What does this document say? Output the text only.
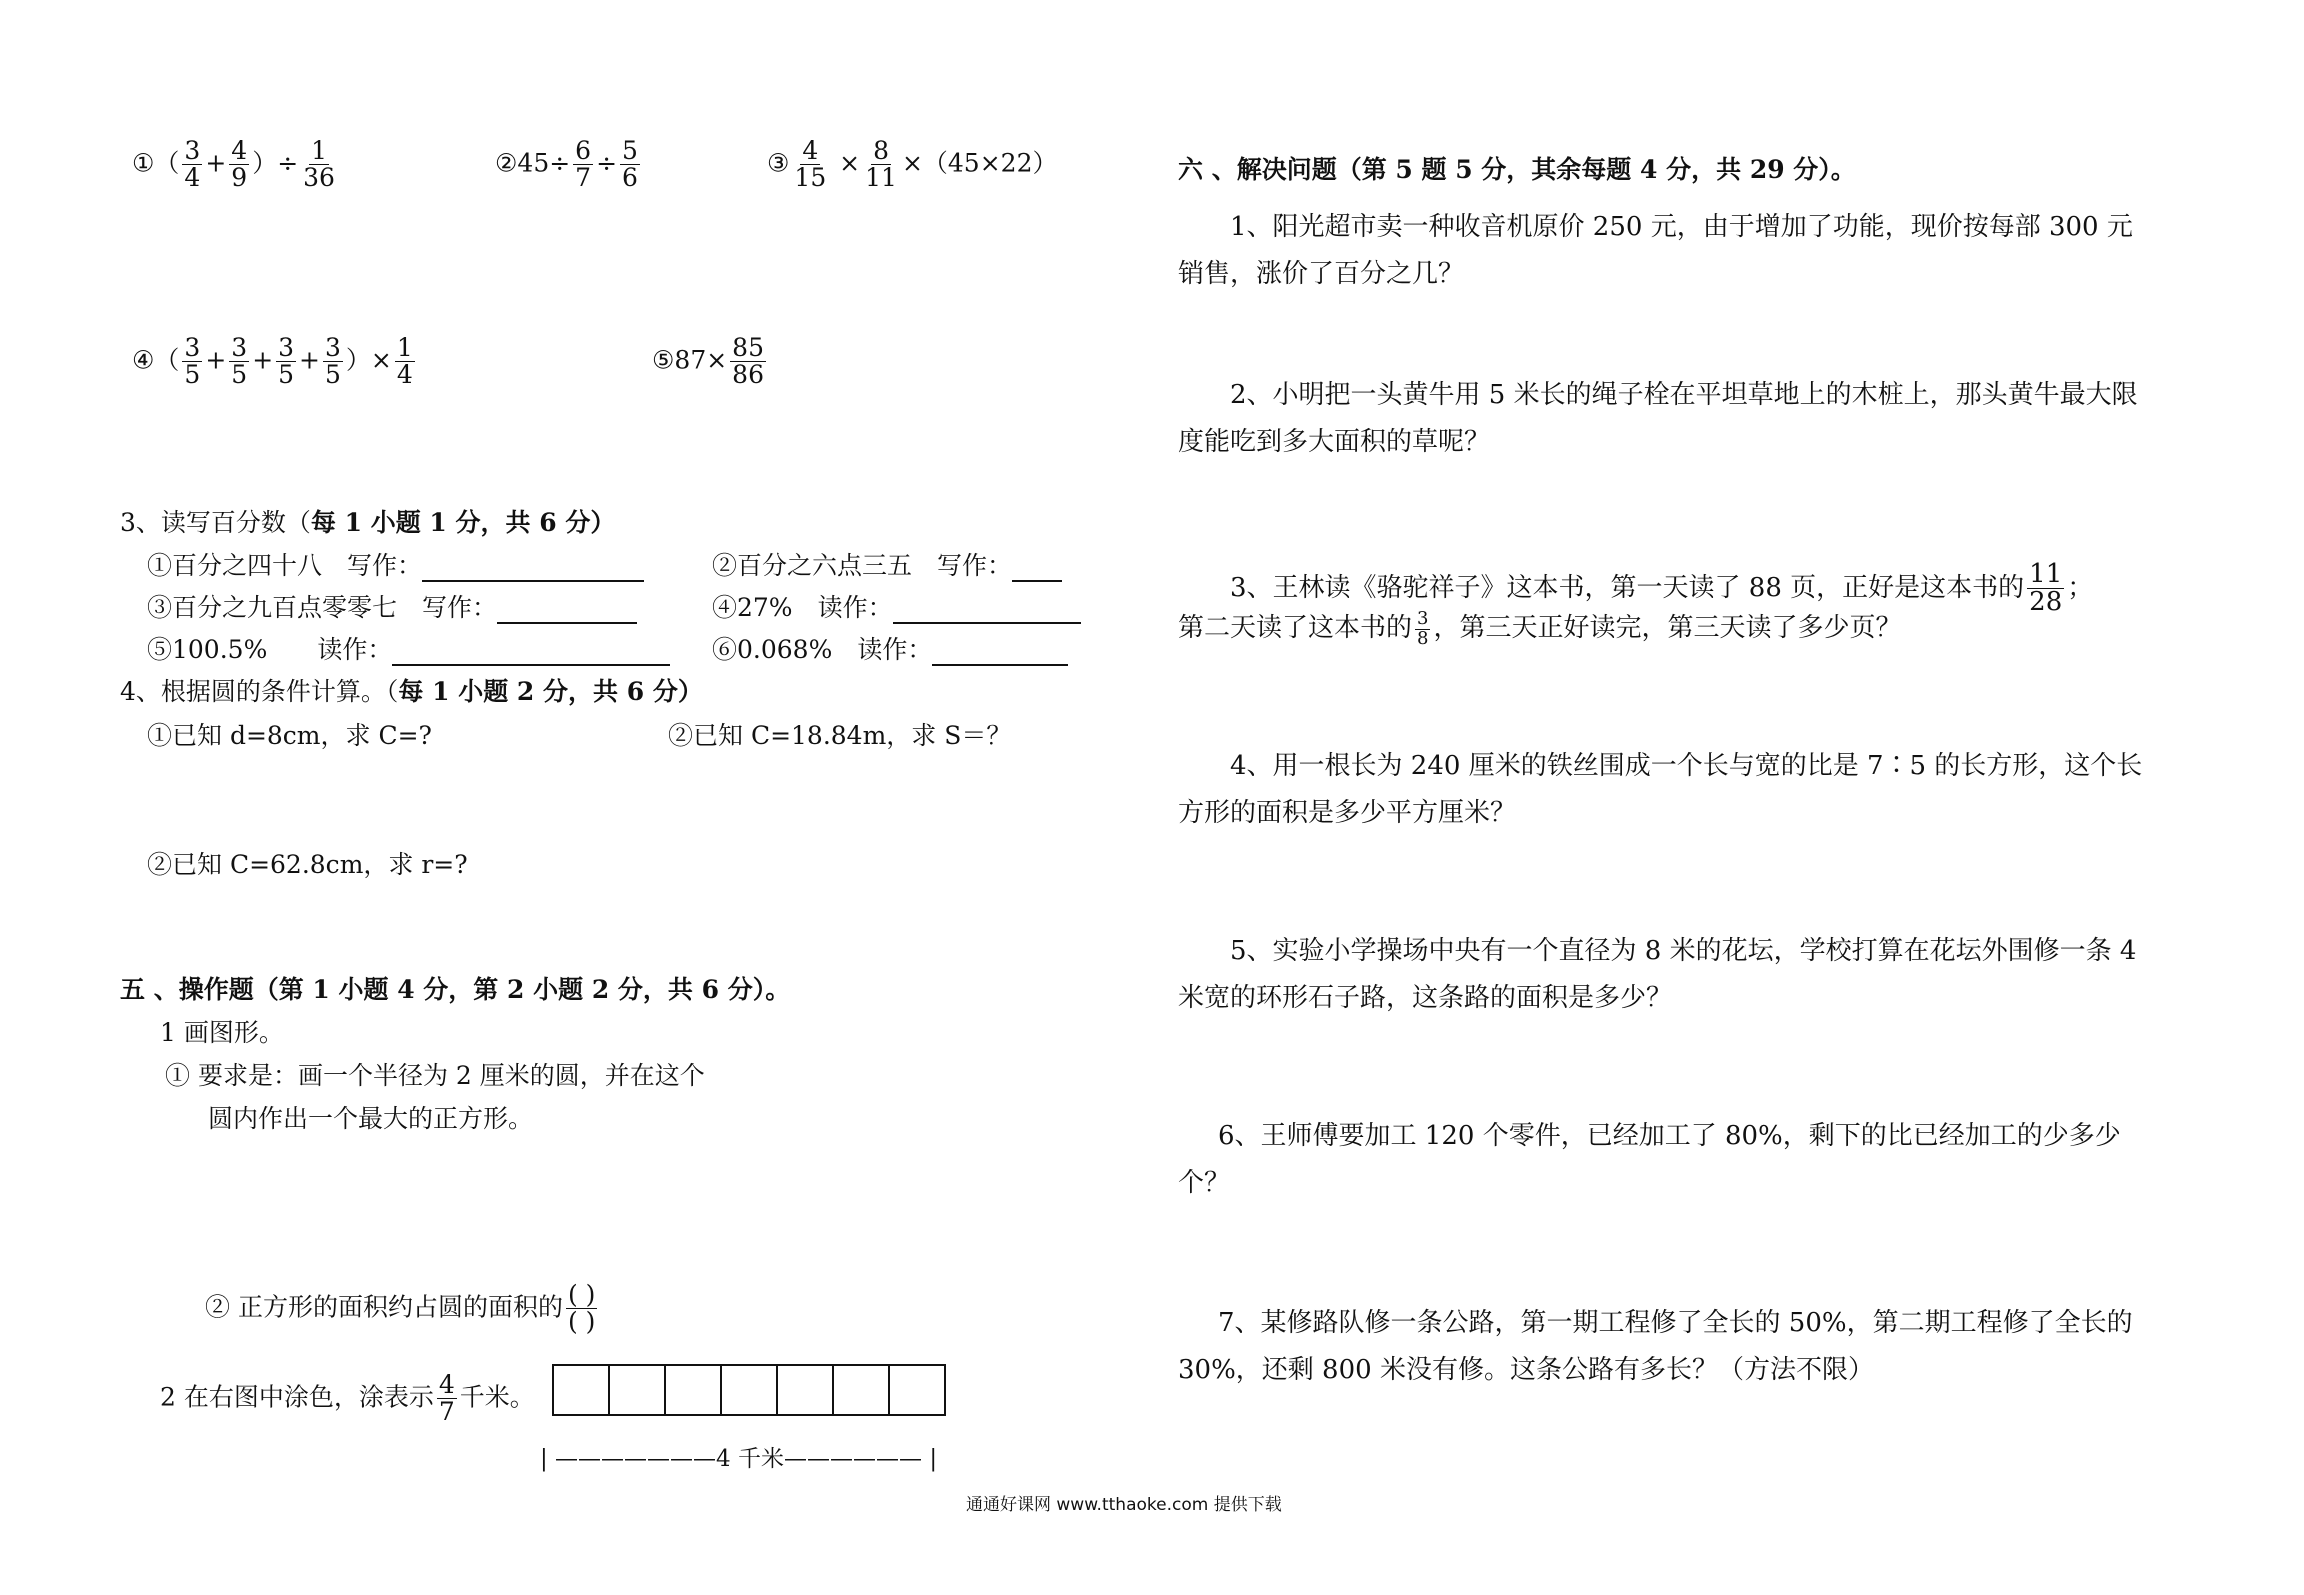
①（ $\frac{3}{4} + \frac{4}{9}$ ）÷ $\frac{1}{36}$	②45÷ $\frac{6}{7} \div \frac{5}{6}$	③ $\frac{4}{15} \times \frac{8}{11} \times(45\times 22)$
④（ $\frac{3}{5} + \frac{3}{5} + \frac{3}{5} + \frac{3}{5}$ ）× $\frac{1}{4}$	⑤87× $\frac{85}{86}$
3、读写百分数（每 1 小题 1 分，共 6 分）
①百分之四十八　写作：	②百分之六点三五　写作：
③百分之九百点零零七　写作：	④27%　读作：
⑤100.5%　　读作：	⑥0.068%　读作：
4、根据圆的条件计算。（每 1 小题 2 分，共 6 分）
①已知 d=8cm，求 C=?	②已知 C=18.84m，求 S＝？
②已知 C=62.8cm，求 r=?
五 、操作题（第 1 小题 4 分，第 2 小题 2 分，共 6 分）。
1 画图形。
① 要求是：画一个半径为 2 厘米的圆，并在这个
圆内作出一个最大的正方形。
② 正方形的面积约占圆的面积的 $\frac{( )}{( )}$
2 在右图中涂色，涂表示 $\frac{4}{7}$ 千米。
| ———————4 千米—————— |
六 、解决问题（第 5 题 5 分，其余每题 4 分，共 29 分）。
1、阳光超市卖一种收音机原价 250 元，由于增加了功能，现价按每部 300 元销售，涨价了百分之几？
2、小明把一头黄牛用 5 米长的绳子栓在平坦草地上的木桩上，那头黄牛最大限度能吃到多大面积的草呢？
3、王林读《骆驼祥子》这本书，第一天读了 88 页，正好是这本书的 $\frac{11}{28}$ ；
第二天读了这本书的 $\frac{3}{8}$ ，第三天正好读完，第三天读了多少页？
4、用一根长为 240 厘米的铁丝围成一个长与宽的比是 7∶5 的长方形，这个长方形的面积是多少平方厘米？
5、实验小学操场中央有一个直径为 8 米的花坛，学校打算在花坛外围修一条 4 米宽的环形石子路，这条路的面积是多少？
6、王师傅要加工 120 个零件，已经加工了 80%，剩下的比已经加工的少多少个？
7、某修路队修一条公路，第一期工程修了全长的 50%，第二期工程修了全长的 30%，还剩 800 米没有修。这条公路有多长？（方法不限）
通通好课网 www.tthaoke.com 提供下载
